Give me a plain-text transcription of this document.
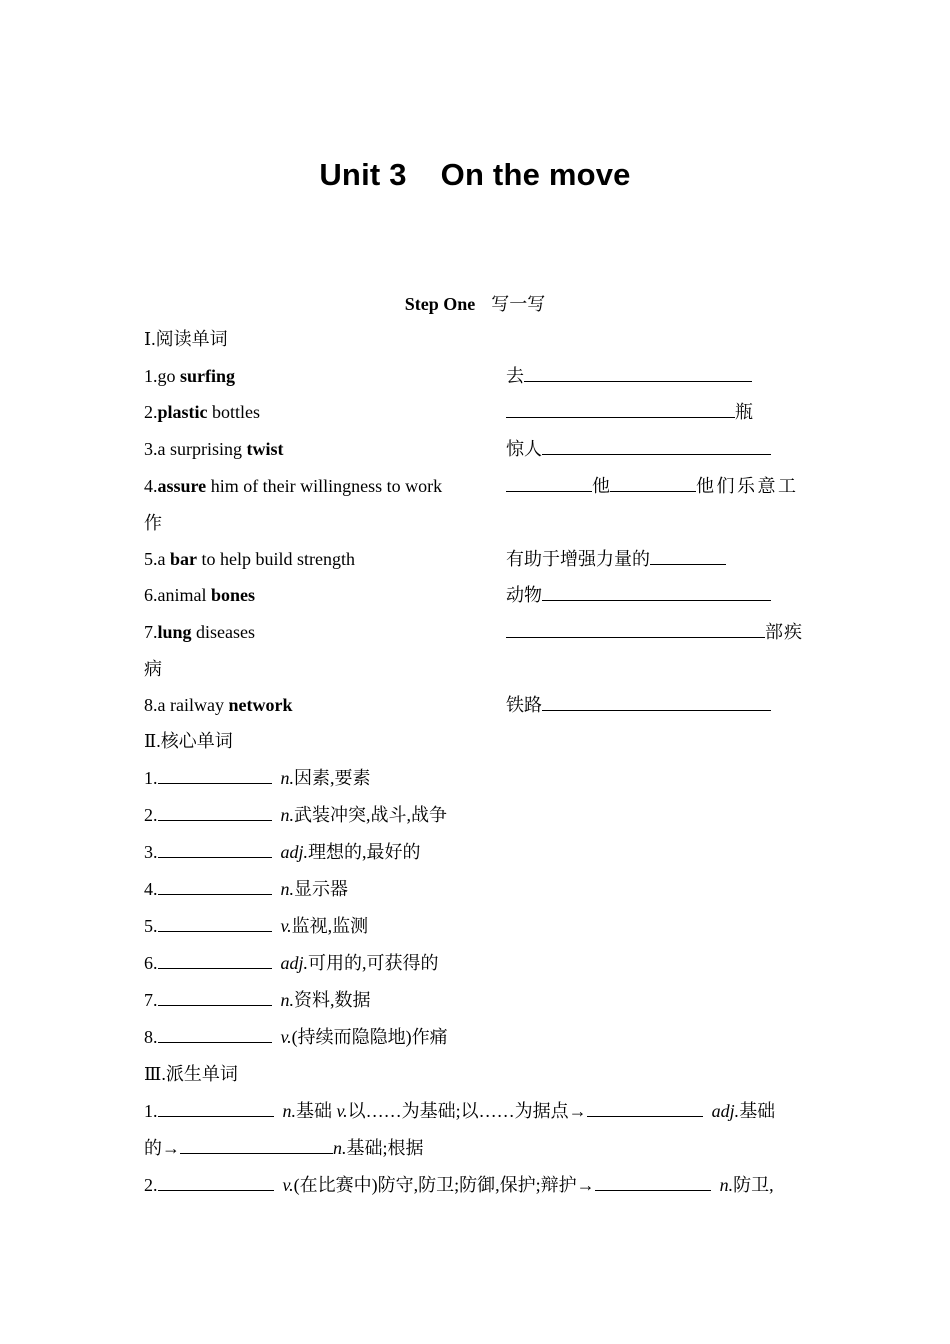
Unit 3 On the move
Step One 写一写
Ⅰ.阅读单词
1.go surfing	去
2.plastic bottles	瓶
3.a surprising twist	惊人
4.assure him of their willingness to work	他	他们乐意工
作
5.a bar to help build strength	有助于增强力量的
6.animal bones	动物
7.lung diseases	部疾
病
8.a railway network	铁路
Ⅱ.核心单词
1.	n.因素,要素
2.	n.武装冲突,战斗,战争
3.	adj.理想的,最好的
4.	n.显示器
5.	v.监视,监测
6.	adj.可用的,可获得的
7.	n.资料,数据
8.	v.(持续而隐隐地)作痛
Ⅲ.派生单词
1.	n.基础 v.以……为基础;以……为据点→	adj.基础
的→	n.基础;根据
2.	v.(在比赛中)防守,防卫;防御,保护;辩护→	n.防卫,
